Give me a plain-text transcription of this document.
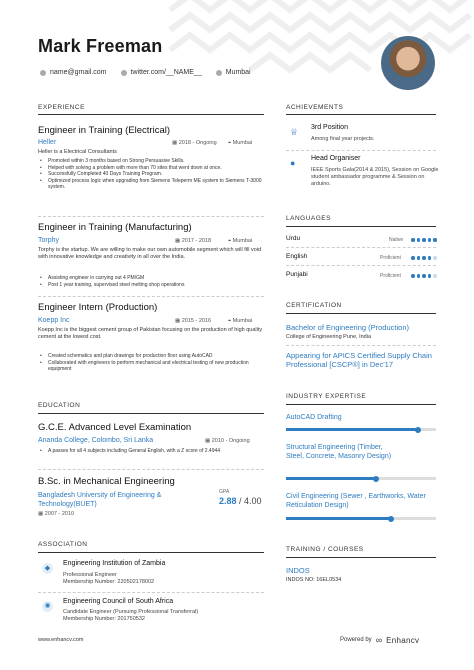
Mark Freeman
name@gmail.com	twitter.com/__NAME__	Mumbai
EXPERIENCE
Engineer in Training (Electrical)
Heller	▦ 2018 - Ongoing ⌖ Mumbai
Heller is a Electrical Consultants
• Promoted within 3 months based on Strong Persuasive Skills.
• Helped with solving a problem with more than 70 sites that went down at once.
• Successfully Completed 40 Days Training Program.
• Optimized process logic when upgrading from Siemens Teleperm ME system to Siemens T-3000 system.
Engineer in Training (Manufacturing)
Torphy	▦ 2017 - 2018	⌖ Mumbai
Torphy is the startup. We are willing to make our own automobile segment which will fill void with innovative knowledge and creativity in all over the India.
• Assisting engineer in carrying out 4 PM/GM
• Post 1 year training, supervised steel melting shop operations
Engineer Intern (Production)
Koepp Inc	▦ 2015 - 2016	⌖ Mumbai
Koepp Inc is the biggest cement group of Pakistan focusing on the production of high quality cement at the lowest cost.
• Created schematics and plan drawings for production floor using AutoCAD
• Collaborated with engineers to perform mechanical and electrical testing of new production equipment
EDUCATION
G.C.E. Advanced Level Examination
Ananda College, Colombo, Sri Lanka	▦ 2010 - Ongoing
• A passes for all 4 subjects including General English, with a Z score of 2.4944
B.Sc. in Mechanical Engineering
Bangladesh University of Engineering & Technology(BUET)
▦ 2007 - 2010
GPA
2.88 / 4.00
ASSOCIATION
◆
Engineering Institution of Zambia
Professional Engineer
Membership Number: 220502178002
✺
Engineering Council of South Africa
Candidate Engineer (Pursuing Professional Transferral)
Membership Number: 201750532
ACHIEVEMENTS
♕ 3rd Position
Among final year projects.
●	Head Organiser
IEEE Sports Gala(2014 & 2015), Session on Google student ambassador programme & Session on arduino.
LANGUAGES
Urdu	Native
English	Proficient
Punjabi	Proficient
CERTIFICATION
Bachelor of Engineering (Production)
College of Engineering Pune, India
Appearing for APICS Certified Supply Chain Professional [CSCP®] in Dec'17
INDUSTRY EXPERTISE
AutoCAD Drafting
Structural Engineering (Timber, Steel, Concrete, Masonry Design)
Civil Engineering (Sewer , Earthworks, Water Reticulation Design)
TRAINING / COURSES
INDOS
INDOS NO: 16EL0534
www.enhancv.com	Powered by ∞ Enhancv
